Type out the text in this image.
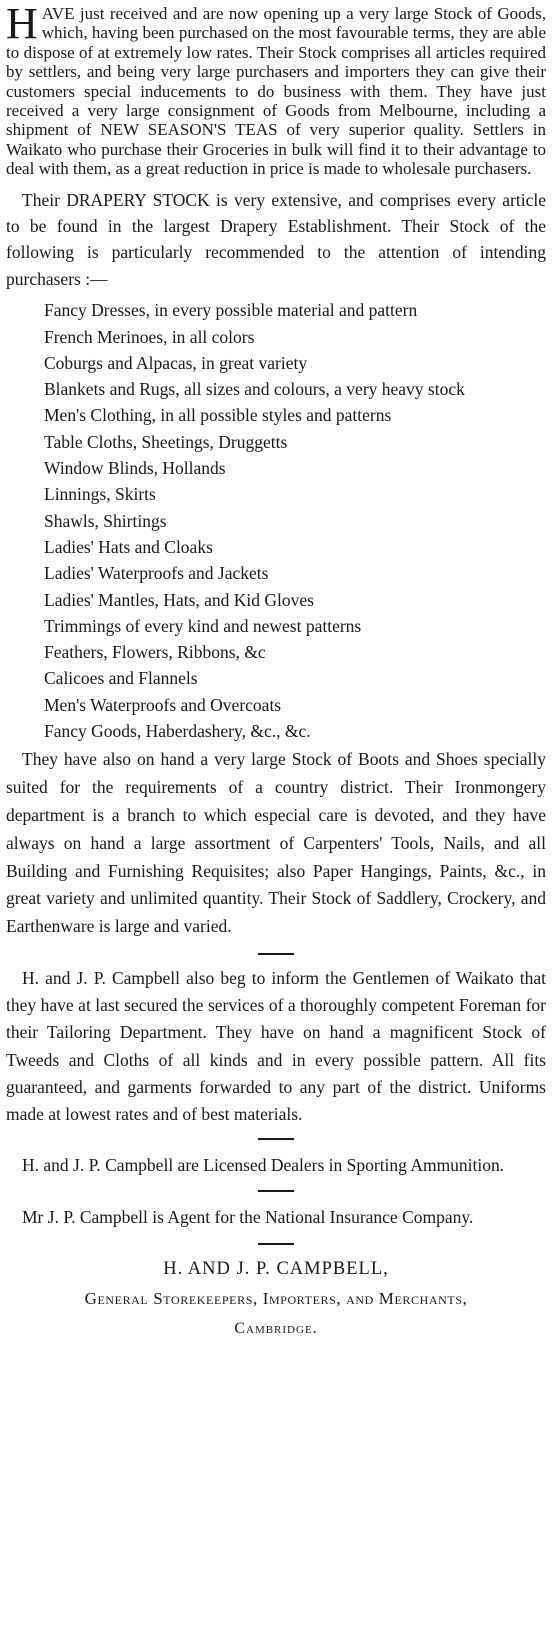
HAVE just received and are now opening up a very large Stock of Goods, which, having been purchased on the most favourable terms, they are able to dispose of at extremely low rates. Their Stock comprises all articles required by settlers, and being very large purchasers and importers they can give their customers special inducements to do business with them. They have just received a very large consignment of Goods from Melbourne, including a shipment of NEW SEASON'S TEAS of very superior quality. Settlers in Waikato who purchase their Groceries in bulk will find it to their advantage to deal with them, as a great reduction in price is made to wholesale purchasers.

Their DRAPERY STOCK is very extensive, and comprises every article to be found in the largest Drapery Establishment. Their Stock of the following is particularly recommended to the attention of intending purchasers :—

Fancy Dresses, in every possible material and pattern
French Merinoes, in all colors
Coburgs and Alpacas, in great variety
Blankets and Rugs, all sizes and colours, a very heavy stock
Men's Clothing, in all possible styles and patterns
Table Cloths, Sheetings, Druggetts
Window Blinds, Hollands
Linnings, Skirts
Shawls, Shirtings
Ladies' Hats and Cloaks
Ladies' Waterproofs and Jackets
Ladies' Mantles, Hats, and Kid Gloves
Trimmings of every kind and newest patterns
Feathers, Flowers, Ribbons, &c
Calicoes and Flannels
Men's Waterproofs and Overcoats
Fancy Goods, Haberdashery, &c., &c.

They have also on hand a very large Stock of Boots and Shoes specially suited for the requirements of a country district. Their Ironmongery department is a branch to which especial care is devoted, and they have always on hand a large assortment of Carpenters' Tools, Nails, and all Building and Furnishing Requisites; also Paper Hangings, Paints, &c., in great variety and unlimited quantity. Their Stock of Saddlery, Crockery, and Earthenware is large and varied.

H. and J. P. Campbell also beg to inform the Gentlemen of Waikato that they have at last secured the services of a thoroughly competent Foreman for their Tailoring Department. They have on hand a magnificent Stock of Tweeds and Cloths of all kinds and in every possible pattern. All fits guaranteed, and garments forwarded to any part of the district. Uniforms made at lowest rates and of best materials.

H. and J. P. Campbell are Licensed Dealers in Sporting Ammunition.

Mr J. P. Campbell is Agent for the National Insurance Company.

H. AND J. P. CAMPBELL,
General Storekeepers, Importers, and Merchants,
Cambridge.
